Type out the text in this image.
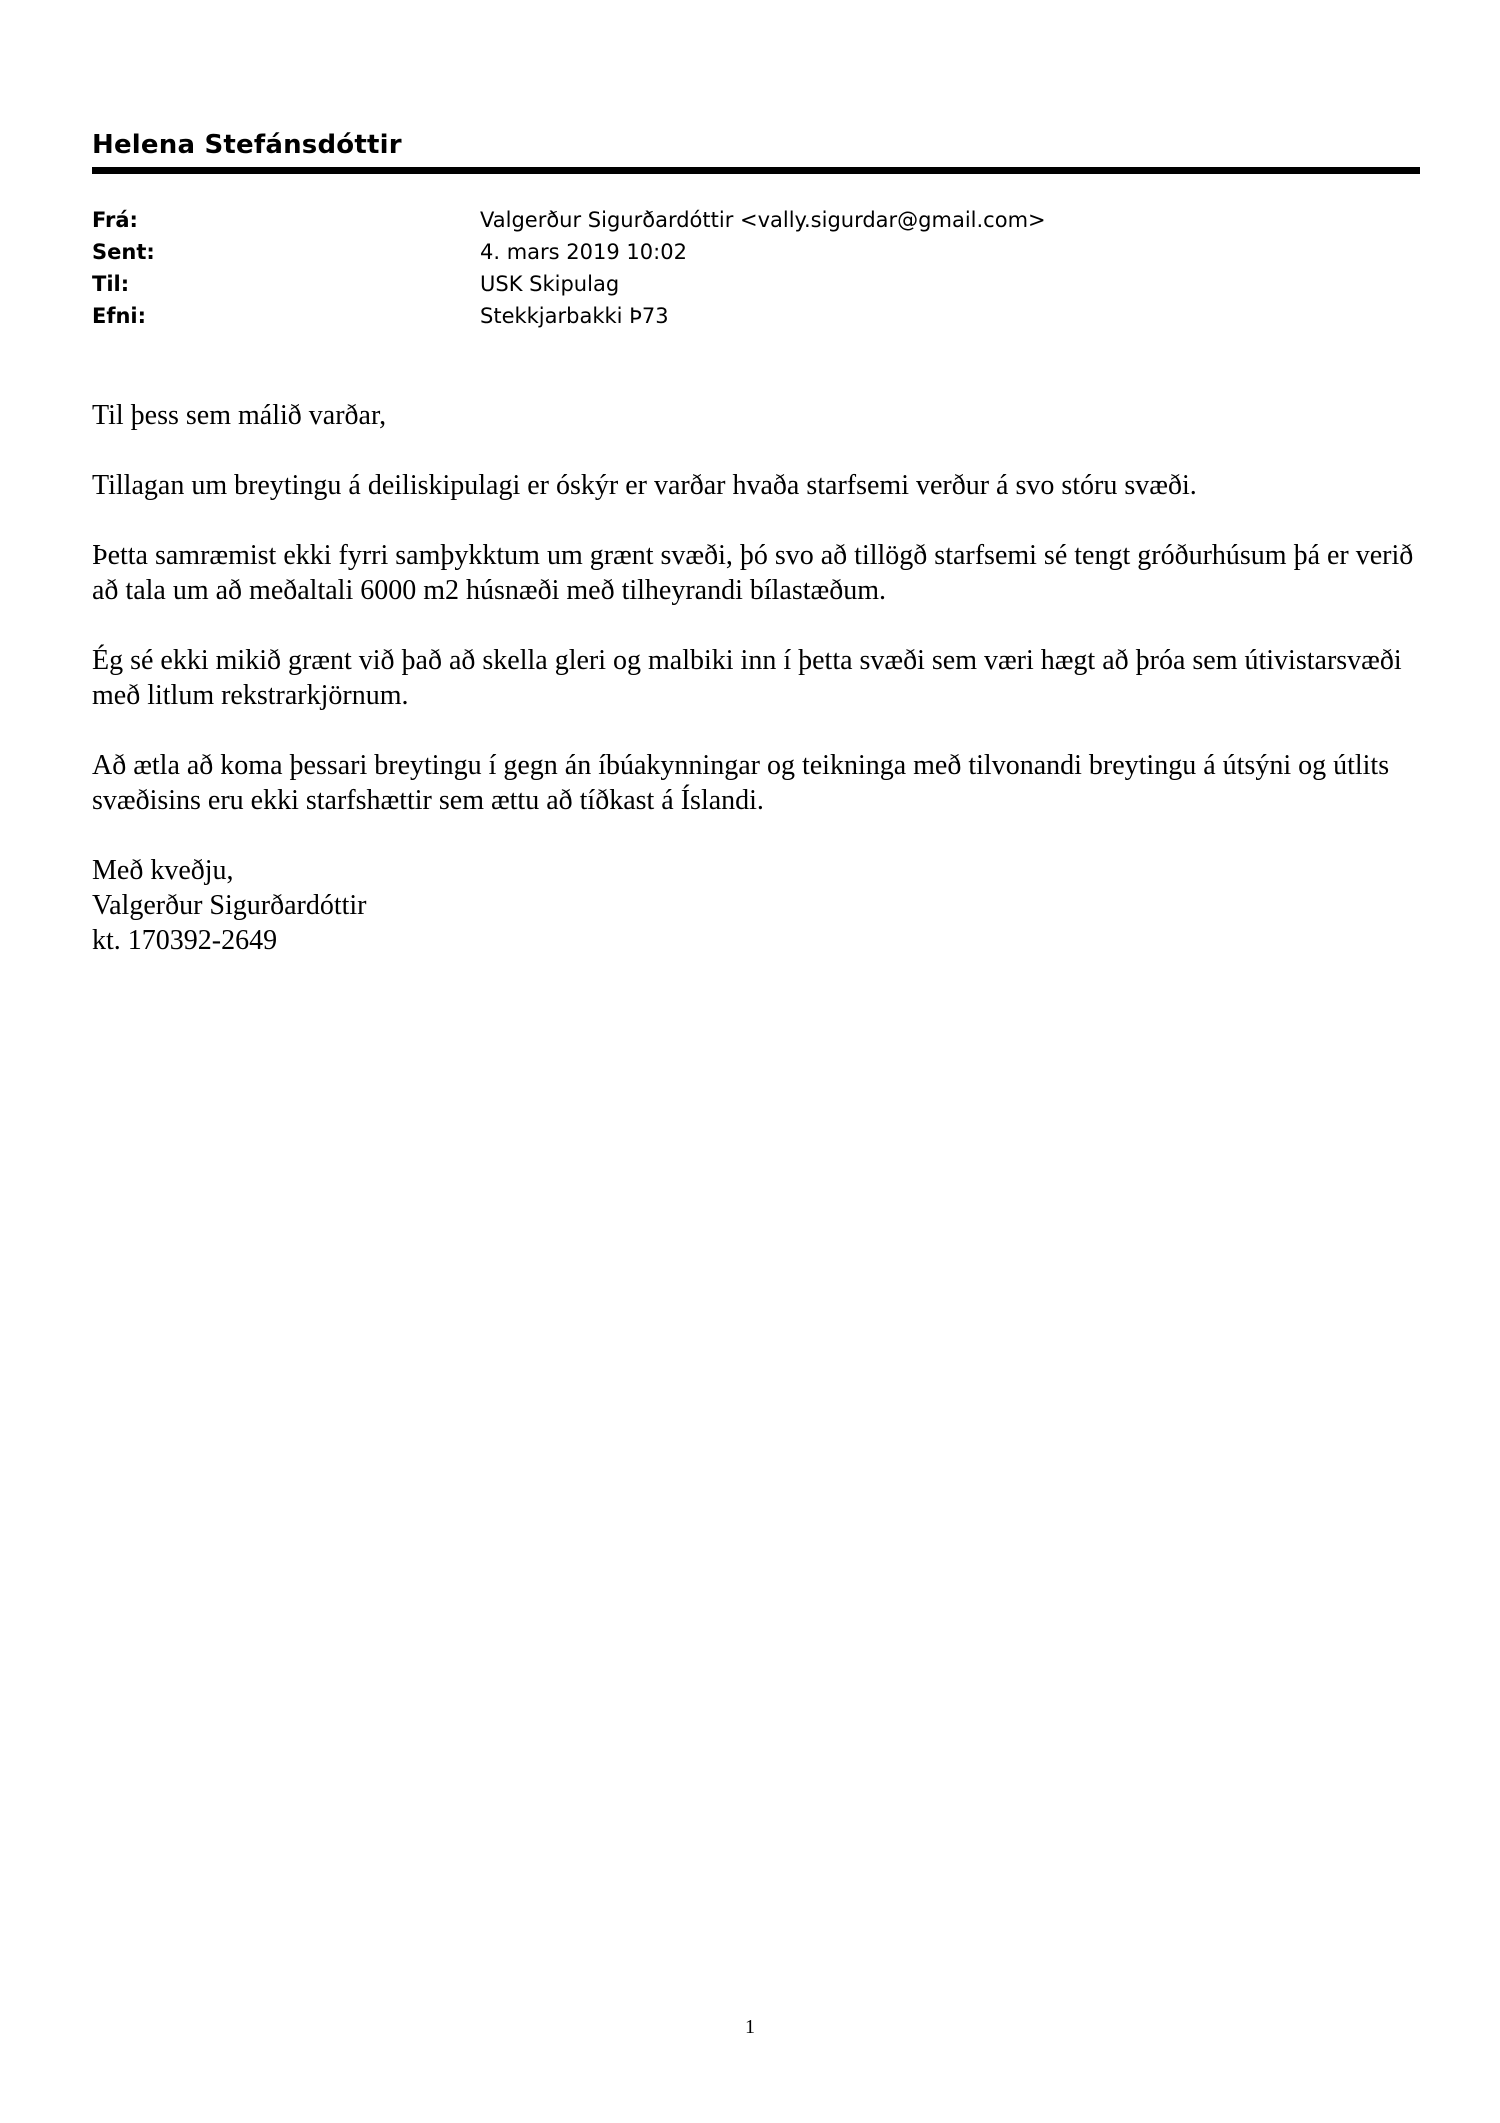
Helena Stefánsdóttir
Frá:	Valgerður Sigurðardóttir <vally.sigurdar@gmail.com>
Sent:	4. mars 2019 10:02
Til:	USK Skipulag
Efni:	Stekkjarbakki Þ73

Til þess sem málið varðar,

Tillagan um breytingu á deiliskipulagi er óskýr er varðar hvaða starfsemi verður á svo stóru svæði.

Þetta samræmist ekki fyrri samþykktum um grænt svæði, þó svo að tillögð starfsemi sé tengt gróðurhúsum þá er verið að tala um að meðaltali 6000 m2 húsnæði með tilheyrandi bílastæðum.

Ég sé ekki mikið grænt við það að skella gleri og malbiki inn í þetta svæði sem væri hægt að þróa sem útivistarsvæði með litlum rekstrarkjörnum.

Að ætla að koma þessari breytingu í gegn án íbúakynningar og teikninga með tilvonandi breytingu á útsýni og útlits svæðisins eru ekki starfshættir sem ættu að tíðkast á Íslandi.

Með kveðju,
Valgerður Sigurðardóttir
kt. 170392-2649

1
